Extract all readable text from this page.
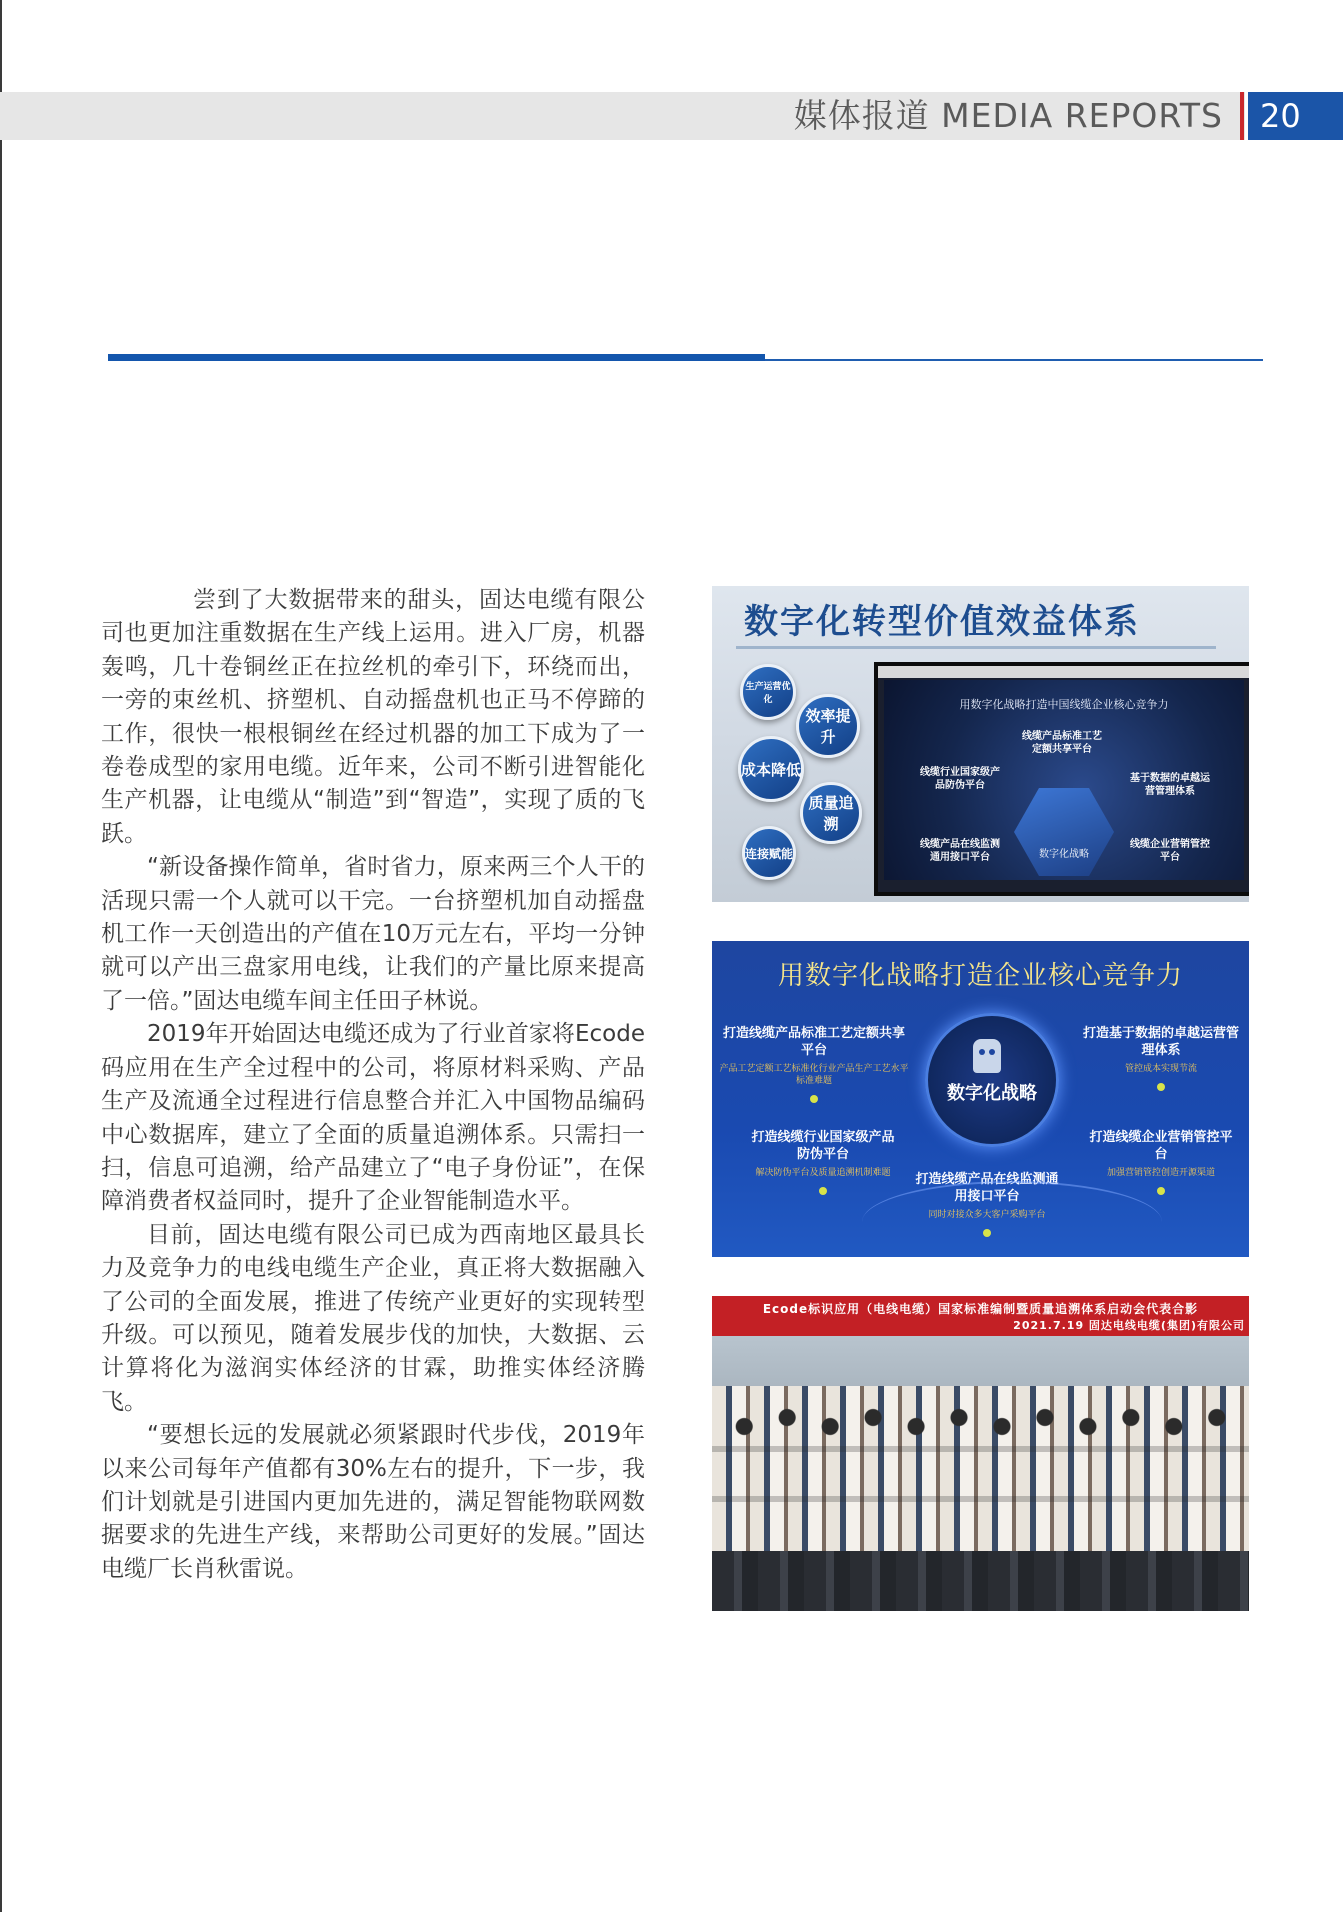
媒体报道 MEDIA REPORTS	20

尝到了大数据带来的甜头，固达电缆有限公司也更加注重数据在生产线上运用。进入厂房，机器轰鸣，几十卷铜丝正在拉丝机的牵引下，环绕而出，一旁的束丝机、挤塑机、自动摇盘机也正马不停蹄的工作，很快一根根铜丝在经过机器的加工下成为了一卷卷成型的家用电缆。近年来，公司不断引进智能化生产机器，让电缆从“制造”到“智造”，实现了质的飞跃。

“新设备操作简单，省时省力，原来两三个人干的活现只需一个人就可以干完。一台挤塑机加自动摇盘机工作一天创造出的产值在10万元左右，平均一分钟就可以产出三盘家用电线，让我们的产量比原来提高了一倍。”固达电缆车间主任田子林说。

2019年开始固达电缆还成为了行业首家将Ecode码应用在生产全过程中的公司，将原材料采购、产品生产及流通全过程进行信息整合并汇入中国物品编码中心数据库，建立了全面的质量追溯体系。只需扫一扫，信息可追溯，给产品建立了“电子身份证”，在保障消费者权益同时，提升了企业智能制造水平。

目前，固达电缆有限公司已成为西南地区最具长力及竞争力的电线电缆生产企业，真正将大数据融入了公司的全面发展，推进了传统产业更好的实现转型升级。可以预见，随着发展步伐的加快，大数据、云计算将化为滋润实体经济的甘霖，助推实体经济腾飞。

“要想长远的发展就必须紧跟时代步伐，2019年以来公司每年产值都有30%左右的提升，下一步，我们计划就是引进国内更加先进的，满足智能物联网数据要求的先进生产线，来帮助公司更好的发展。”固达电缆厂长肖秋雷说。

数字化转型价值效益体系
生产运营优化
效率提升
成本降低
质量追溯
连接赋能
用数字化战略打造中国线缆企业核心竞争力
线缆产品标准工艺定额共享平台
线缆行业国家级产品防伪平台
基于数据的卓越运营管理体系
线缆产品在线监测通用接口平台
线缆企业营销管控平台
数字化战略
用数字化战略打造企业核心竞争力
数字化战略
打造线缆产品标准工艺定额共享平台
产品工艺定额工艺标准化行业产品生产工艺水平标准难题
打造基于数据的卓越运营管理体系
管控成本实现节流
打造线缆行业国家级产品防伪平台
解决防伪平台及质量追溯机制难题
打造线缆企业营销管控平台
加强营销管控创造开源渠道
打造线缆产品在线监测通用接口平台
同时对接众多大客户采购平台
Ecode标识应用（电线电缆）国家标准编制暨质量追溯体系启动会代表合影
2021.7.19 固达电线电缆(集团)有限公司
